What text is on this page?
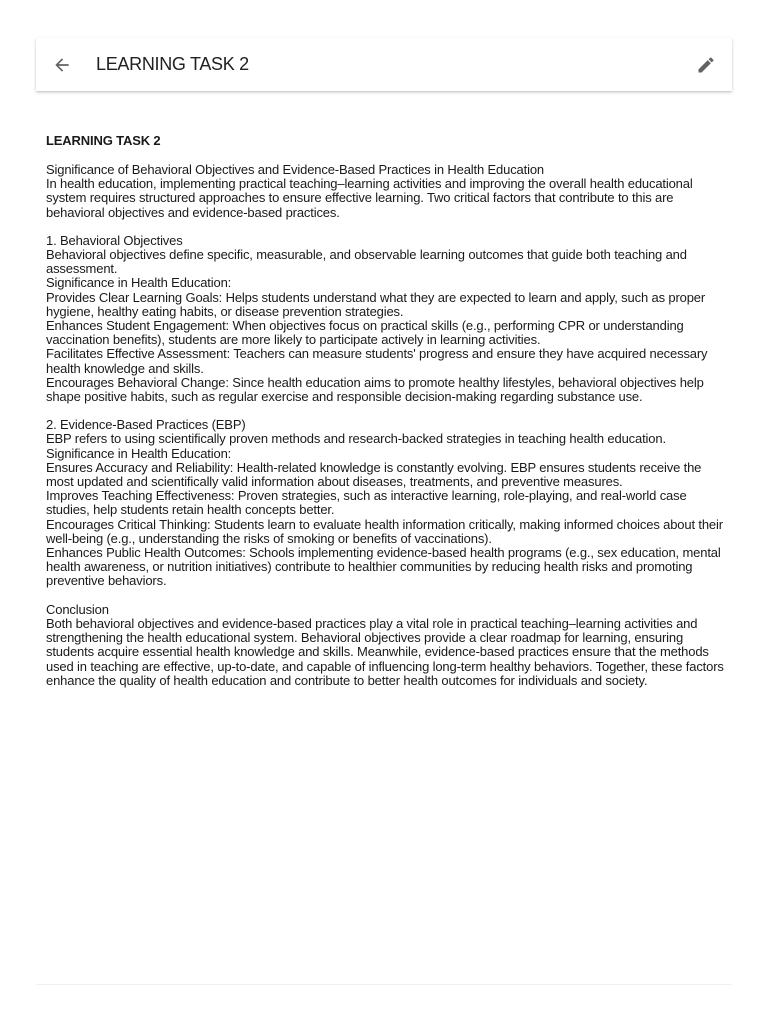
LEARNING TASK 2

LEARNING TASK 2

Significance of Behavioral Objectives and Evidence-Based Practices in Health Education

In health education, implementing practical teaching–learning activities and improving the overall health educational system requires structured approaches to ensure effective learning. Two critical factors that contribute to this are behavioral objectives and evidence-based practices.

1. Behavioral Objectives

Behavioral objectives define specific, measurable, and observable learning outcomes that guide both teaching and assessment.

Significance in Health Education:

Provides Clear Learning Goals: Helps students understand what they are expected to learn and apply, such as proper hygiene, healthy eating habits, or disease prevention strategies.

Enhances Student Engagement: When objectives focus on practical skills (e.g., performing CPR or understanding vaccination benefits), students are more likely to participate actively in learning activities.

Facilitates Effective Assessment: Teachers can measure students' progress and ensure they have acquired necessary health knowledge and skills.

Encourages Behavioral Change: Since health education aims to promote healthy lifestyles, behavioral objectives help shape positive habits, such as regular exercise and responsible decision-making regarding substance use.

2. Evidence-Based Practices (EBP)

EBP refers to using scientifically proven methods and research-backed strategies in teaching health education.

Significance in Health Education:

Ensures Accuracy and Reliability: Health-related knowledge is constantly evolving. EBP ensures students receive the most updated and scientifically valid information about diseases, treatments, and preventive measures.

Improves Teaching Effectiveness: Proven strategies, such as interactive learning, role-playing, and real-world case studies, help students retain health concepts better.

Encourages Critical Thinking: Students learn to evaluate health information critically, making informed choices about their well-being (e.g., understanding the risks of smoking or benefits of vaccinations).

Enhances Public Health Outcomes: Schools implementing evidence-based health programs (e.g., sex education, mental health awareness, or nutrition initiatives) contribute to healthier communities by reducing health risks and promoting preventive behaviors.

Conclusion

Both behavioral objectives and evidence-based practices play a vital role in practical teaching–learning activities and strengthening the health educational system. Behavioral objectives provide a clear roadmap for learning, ensuring students acquire essential health knowledge and skills. Meanwhile, evidence-based practices ensure that the methods used in teaching are effective, up-to-date, and capable of influencing long-term healthy behaviors. Together, these factors enhance the quality of health education and contribute to better health outcomes for individuals and society.
